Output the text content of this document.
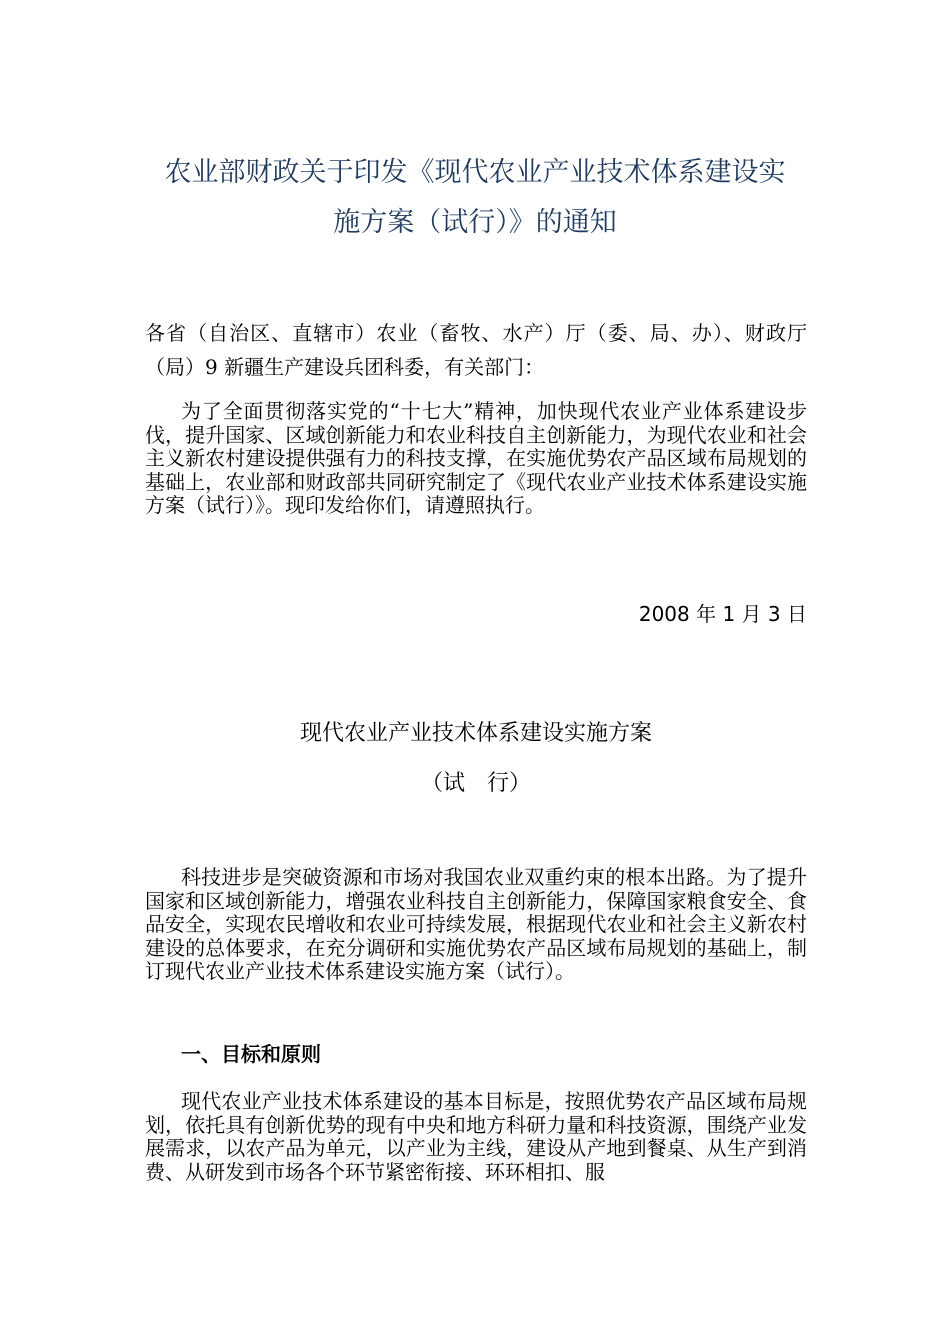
农业部财政关于印发《现代农业产业技术体系建设实
施方案（试行）》的通知

各省（自治区、直辖市）农业（畜牧、水产）厅（委、局、办）、财政厅（局）9 新疆生产建设兵团科委，有关部门：

为了全面贯彻落实党的“十七大”精神，加快现代农业产业体系建设步伐，提升国家、区域创新能力和农业科技自主创新能力，为现代农业和社会主义新农村建设提供强有力的科技支撑，在实施优势农产品区域布局规划的基础上，农业部和财政部共同研究制定了《现代农业产业技术体系建设实施方案（试行）》。现印发给你们，请遵照执行。

2008 年 1 月 3 日

现代农业产业技术体系建设实施方案
（试　行）

科技进步是突破资源和市场对我国农业双重约束的根本出路。为了提升国家和区域创新能力，增强农业科技自主创新能力，保障国家粮食安全、食品安全，实现农民增收和农业可持续发展，根据现代农业和社会主义新农村建设的总体要求，在充分调研和实施优势农产品区域布局规划的基础上，制订现代农业产业技术体系建设实施方案（试行）。

一、目标和原则

现代农业产业技术体系建设的基本目标是，按照优势农产品区域布局规划，依托具有创新优势的现有中央和地方科研力量和科技资源，围绕产业发展需求，以农产品为单元，以产业为主线，建设从产地到餐桌、从生产到消费、从研发到市场各个环节紧密衔接、环环相扣、服
